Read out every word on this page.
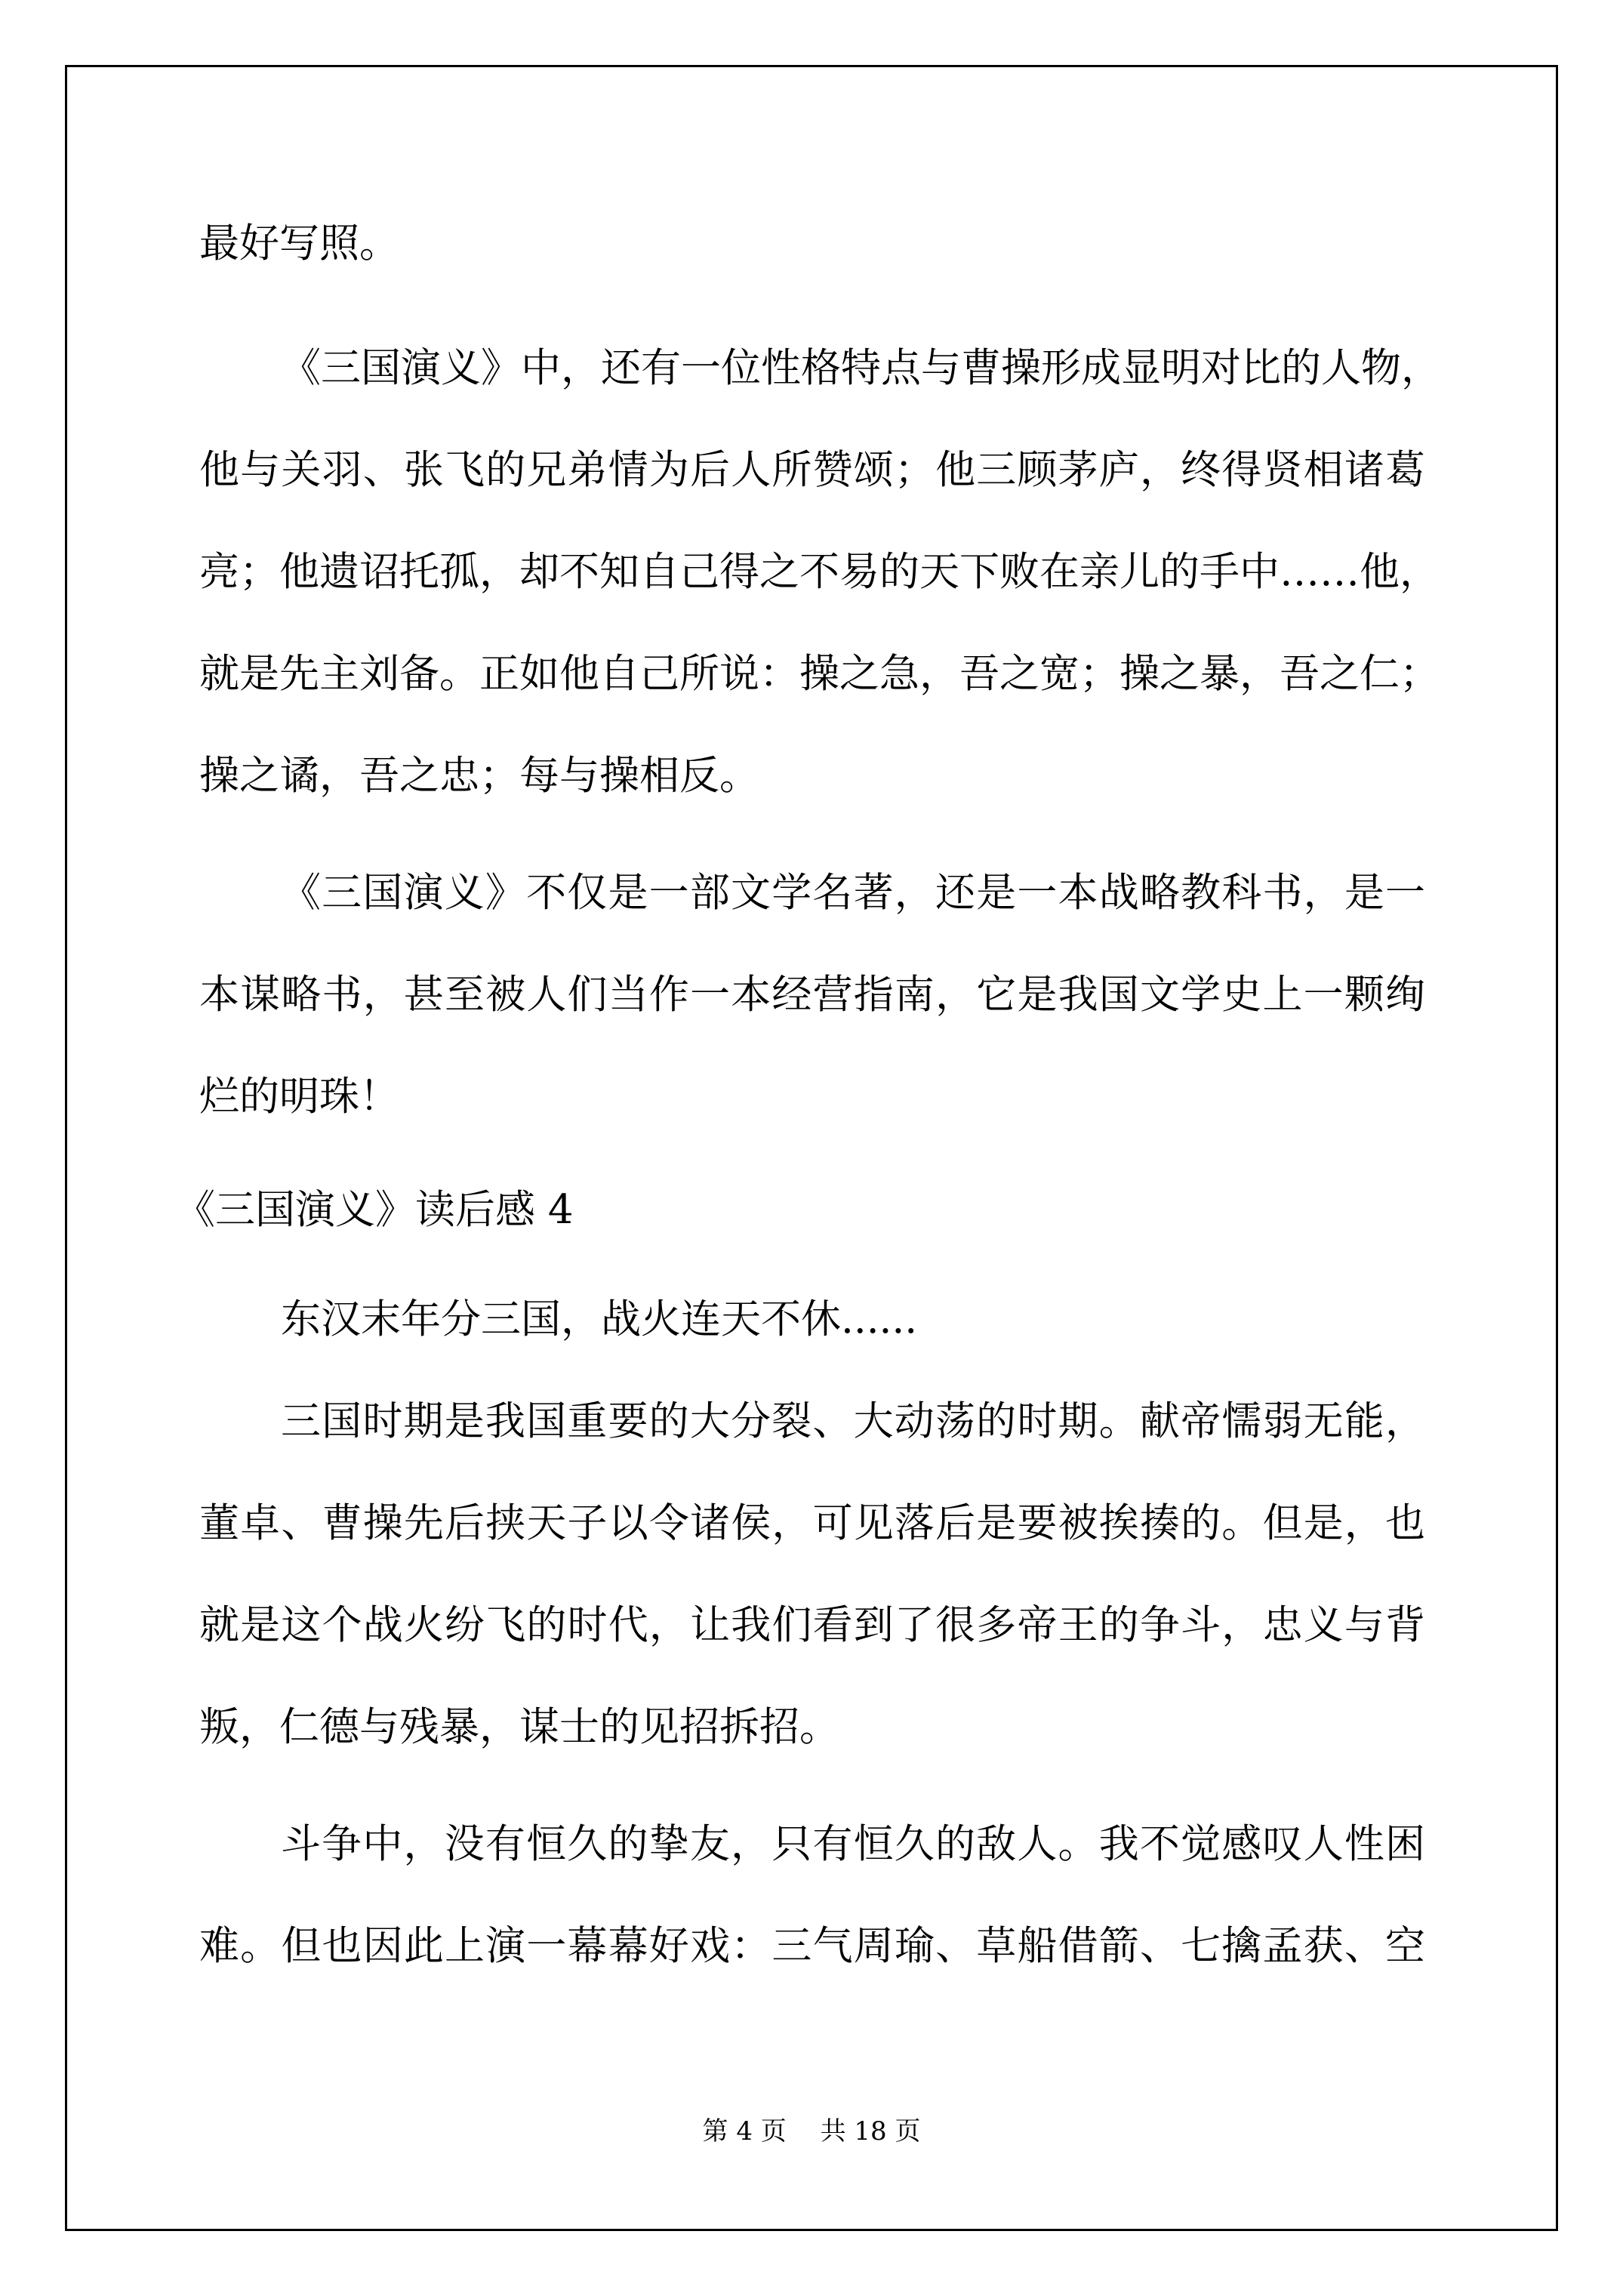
最好写照。
《三国演义》中，还有一位性格特点与曹操形成显明对比的人物，
他与关羽、张飞的兄弟情为后人所赞颂；他三顾茅庐，终得贤相诸葛
亮；他遗诏托孤，却不知自己得之不易的天下败在亲儿的手中……他，
就是先主刘备。正如他自己所说：操之急，吾之宽；操之暴，吾之仁；
操之谲，吾之忠；每与操相反。
《三国演义》不仅是一部文学名著，还是一本战略教科书，是一
本谋略书，甚至被人们当作一本经营指南，它是我国文学史上一颗绚
烂的明珠！
《三国演义》读后感 4
东汉末年分三国，战火连天不休......
三国时期是我国重要的大分裂、大动荡的时期。献帝懦弱无能，
董卓、曹操先后挟天子以令诸侯，可见落后是要被挨揍的。但是，也
就是这个战火纷飞的时代，让我们看到了很多帝王的争斗，忠义与背
叛，仁德与残暴，谋士的见招拆招。
斗争中，没有恒久的挚友，只有恒久的敌人。我不觉感叹人性困
难。但也因此上演一幕幕好戏：三气周瑜、草船借箭、七擒孟获、空
第 4 页　 共 18 页
